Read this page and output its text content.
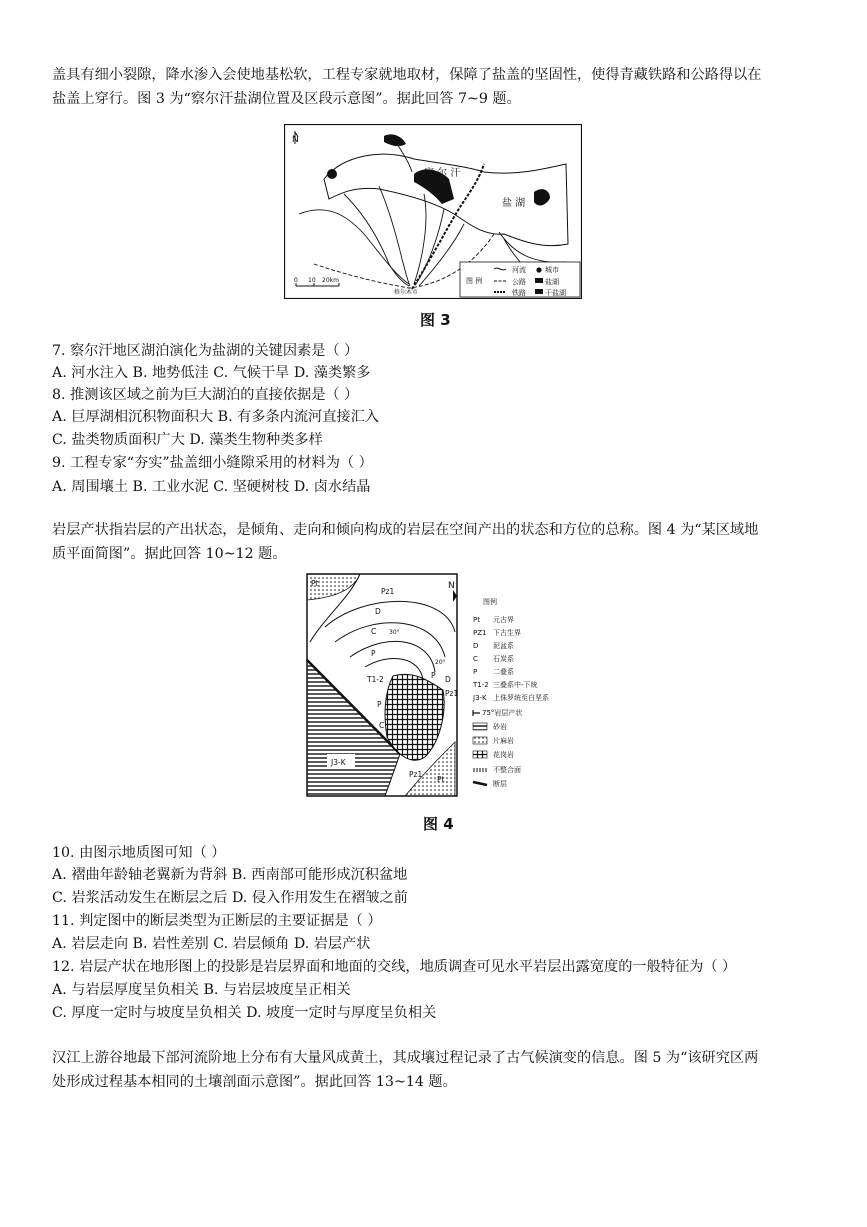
盖具有细小裂隙，降水渗入会使地基松软，工程专家就地取材，保障了盐盖的坚固性，使得青藏铁路和公路得以在
盐盖上穿行。图 3 为“察尔汗盐湖位置及区段示意图”。据此回答 7~9 题。
N
察 尔 汗
盐 湖
格尔木市
0 10 20km	图 例
河流	城市
公路	盐湖
铁路	干盐湖
图 3
7. 察尔汗地区湖泊演化为盐湖的关键因素是（ ）
A. 河水注入 B. 地势低洼 C. 气候干旱 D. 藻类繁多
8. 推测该区域之前为巨大湖泊的直接依据是（ ）
A. 巨厚湖相沉积物面积大 B. 有多条内流河直接汇入
C. 盐类物质面积广大 D. 藻类生物种类多样
9. 工程专家“夯实”盐盖细小缝隙采用的材料为（ ）
A. 周围壤土 B. 工业水泥 C. 坚硬树枝 D. 卤水结晶
岩层产状指岩层的产出状态，是倾角、走向和倾向构成的岩层在空间产出的状态和方位的总称。图 4 为“某区域地
质平面简图”。据此回答 10~12 题。
Pt
Pz1
D
C
P
T1-2
P
C
J3-K
Pz1
Pt
Pz1
D
P
30°
20°
N
图例
Pt 元古界
PZ1 下古生界
D 泥盆系
C 石炭系
P 二叠系
T1-2 三叠系中-下统
J3-K 上侏罗统至白垩系
75°岩层产状
砂岩
片麻岩
花岗岩
不整合面
断层
图 4
10. 由图示地质图可知（ ）
A. 褶曲年龄轴老翼新为背斜 B. 西南部可能形成沉积盆地
C. 岩浆活动发生在断层之后 D. 侵入作用发生在褶皱之前
11. 判定图中的断层类型为正断层的主要证据是（ ）
A. 岩层走向 B. 岩性差别 C. 岩层倾角 D. 岩层产状
12. 岩层产状在地形图上的投影是岩层界面和地面的交线，地质调查可见水平岩层出露宽度的一般特征为（ ）
A. 与岩层厚度呈负相关 B. 与岩层坡度呈正相关
C. 厚度一定时与坡度呈负相关 D. 坡度一定时与厚度呈负相关
汉江上游谷地最下部河流阶地上分布有大量风成黄土，其成壤过程记录了古气候演变的信息。图 5 为“该研究区两
处形成过程基本相同的土壤剖面示意图”。据此回答 13~14 题。
